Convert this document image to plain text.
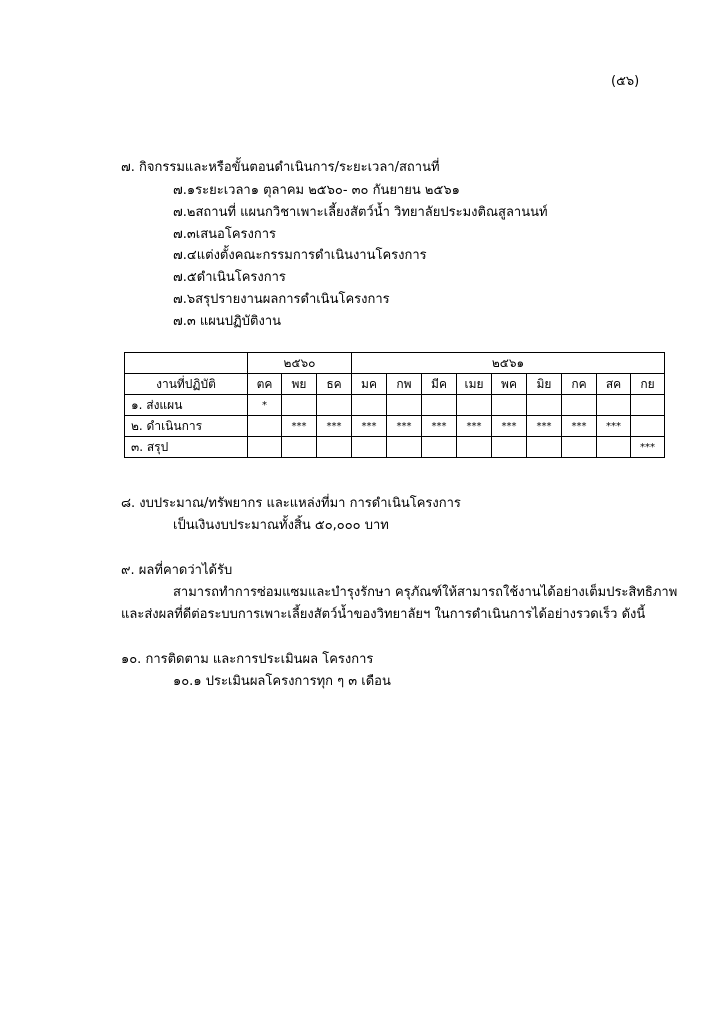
(๕๖)
๗. กิจกรรมและหรือขั้นตอนดำเนินการ/ระยะเวลา/สถานที่
๗.๑ระยะเวลา๑ ตุลาคม ๒๕๖๐- ๓๐ กันยายน ๒๕๖๑
๗.๒สถานที่ แผนกวิชาเพาะเลี้ยงสัตว์น้ำ วิทยาลัยประมงติณสูลานนท์
๗.๓เสนอโครงการ
๗.๔แต่งตั้งคณะกรรมการดำเนินงานโครงการ
๗.๕ดำเนินโครงการ
๗.๖สรุปรายงานผลการดำเนินโครงการ
๗.๓ แผนปฏิบัติงาน
	๒๕๖๐			๒๕๖๑								
งานที่ปฏิบัติ	ตค	พย	ธค	มค	กพ	มีค	เมย	พค	มิย	กค	สค	กย
๑. ส่งแผน	*											
๒. ดำเนินการ		***	***	***	***	***	***	***	***	***	***	
๓. สรุป												***
๘. งบประมาณ/ทรัพยากร และแหล่งที่มา การดำเนินโครงการ
เป็นเงินงบประมาณทั้งสิ้น ๕๐,๐๐๐ บาท
๙. ผลที่คาดว่าได้รับ
สามารถทำการซ่อมแซมและบำรุงรักษา ครุภัณฑ์ให้สามารถใช้งานได้อย่างเต็มประสิทธิภาพ
และส่งผลที่ดีต่อระบบการเพาะเลี้ยงสัตว์น้ำของวิทยาลัยฯ ในการดำเนินการได้อย่างรวดเร็ว ดังนี้
๑๐. การติดตาม และการประเมินผล โครงการ
๑๐.๑ ประเมินผลโครงการทุก ๆ ๓ เดือน
